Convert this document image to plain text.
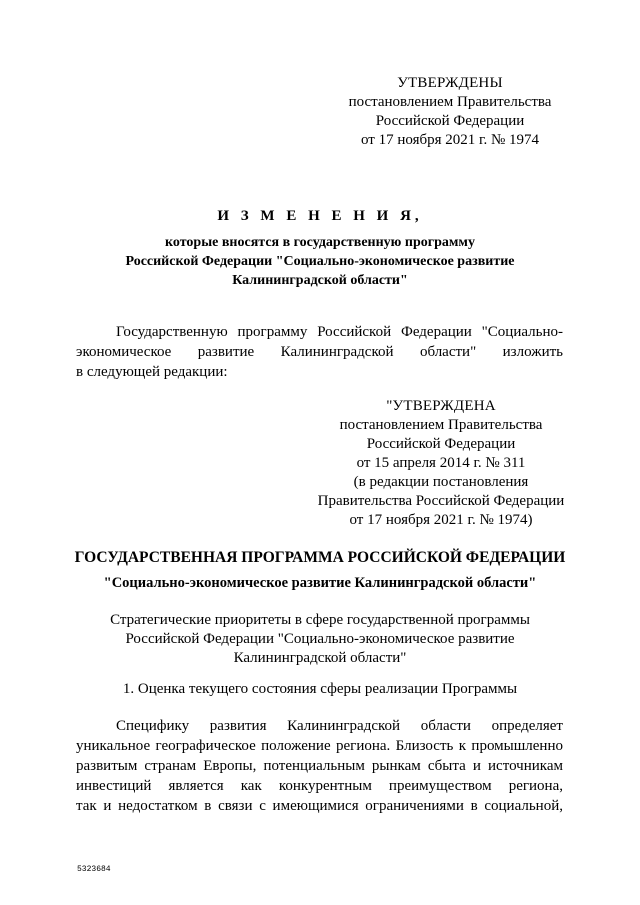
УТВЕРЖДЕНЫ
постановлением Правительства
Российской Федерации
от 17 ноября 2021 г. № 1974
И З М Е Н Е Н И Я,
которые вносятся в государственную программу
Российской Федерации "Социально-экономическое развитие
Калининградской области"
Государственную программу Российской Федерации "Социально-
экономическое развитие Калининградской области" изложить
в следующей редакции:
"УТВЕРЖДЕНА
постановлением Правительства
Российской Федерации
от 15 апреля 2014 г. № 311
(в редакции постановления
Правительства Российской Федерации
от 17 ноября 2021 г. № 1974)
ГОСУДАРСТВЕННАЯ ПРОГРАММА РОССИЙСКОЙ ФЕДЕРАЦИИ
"Социально-экономическое развитие Калининградской области"
Стратегические приоритеты в сфере государственной программы
Российской Федерации "Социально-экономическое развитие
Калининградской области"
1. Оценка текущего состояния сферы реализации Программы
Специфику развития Калининградской области определяет
уникальное географическое положение региона. Близость к промышленно
развитым странам Европы, потенциальным рынкам сбыта и источникам
инвестиций является как конкурентным преимуществом региона,
так и недостатком в связи с имеющимися ограничениями в социальной,
5323684
